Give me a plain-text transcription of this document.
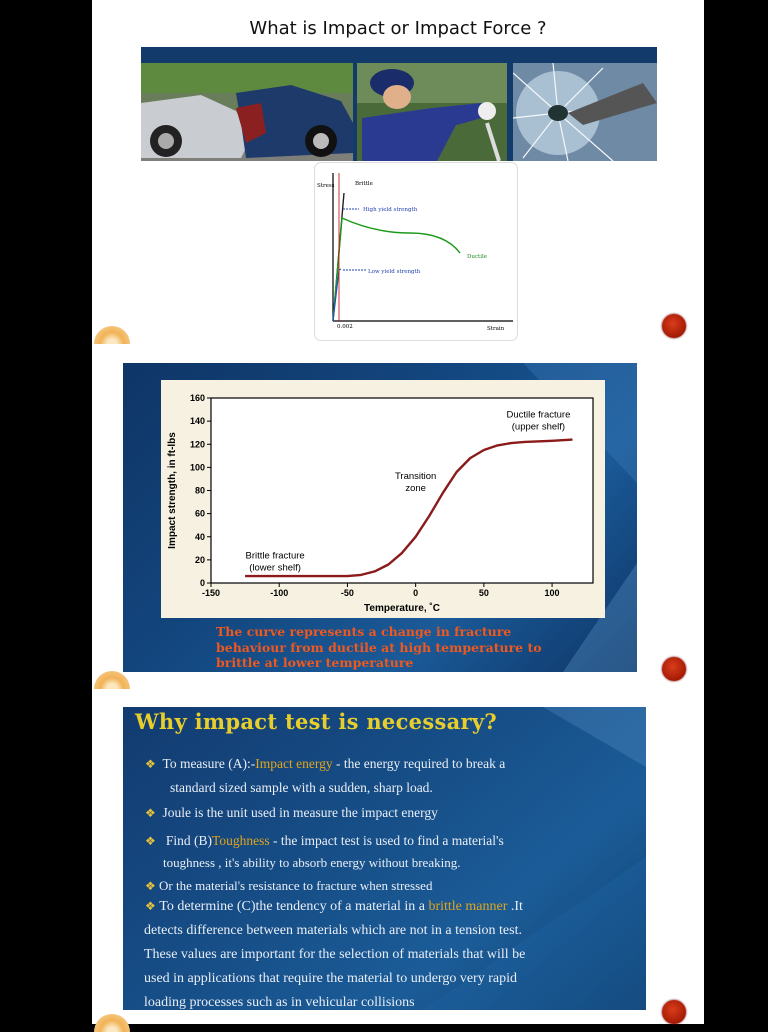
What is Impact or Impact Force ?
Stress	Brittle
High yield strength
Low yield strength
Ductile
0.002	Strain
0
20
40
60
80
100
120
140
160
-150	-100	-50	0	50	100
Temperature, ˚C
Impact strength, in ft-lbs
Brittle fracture
(lower shelf)
Transition
zone
Ductile fracture
(upper shelf)
The curve represents a change in fracture behaviour from ductile at high temperature to brittle at lower temperature
Why impact test is necessary?
❖ To measure (A):-Impact energy - the energy required to break a
standard sized sample with a sudden, sharp load.
❖ Joule is the unit used in measure the impact energy
❖   Find (B)Toughness - the impact test is used to find a material's
toughness , it's ability to absorb energy without breaking.
❖ Or the material's resistance to fracture when stressed
❖ To determine (C)the tendency of a material in a brittle manner .It
detects difference between materials which are not in a tension test.
These values are important for the selection of materials that will be
used in applications that require the material to undergo very rapid
loading processes such as in vehicular collisions
